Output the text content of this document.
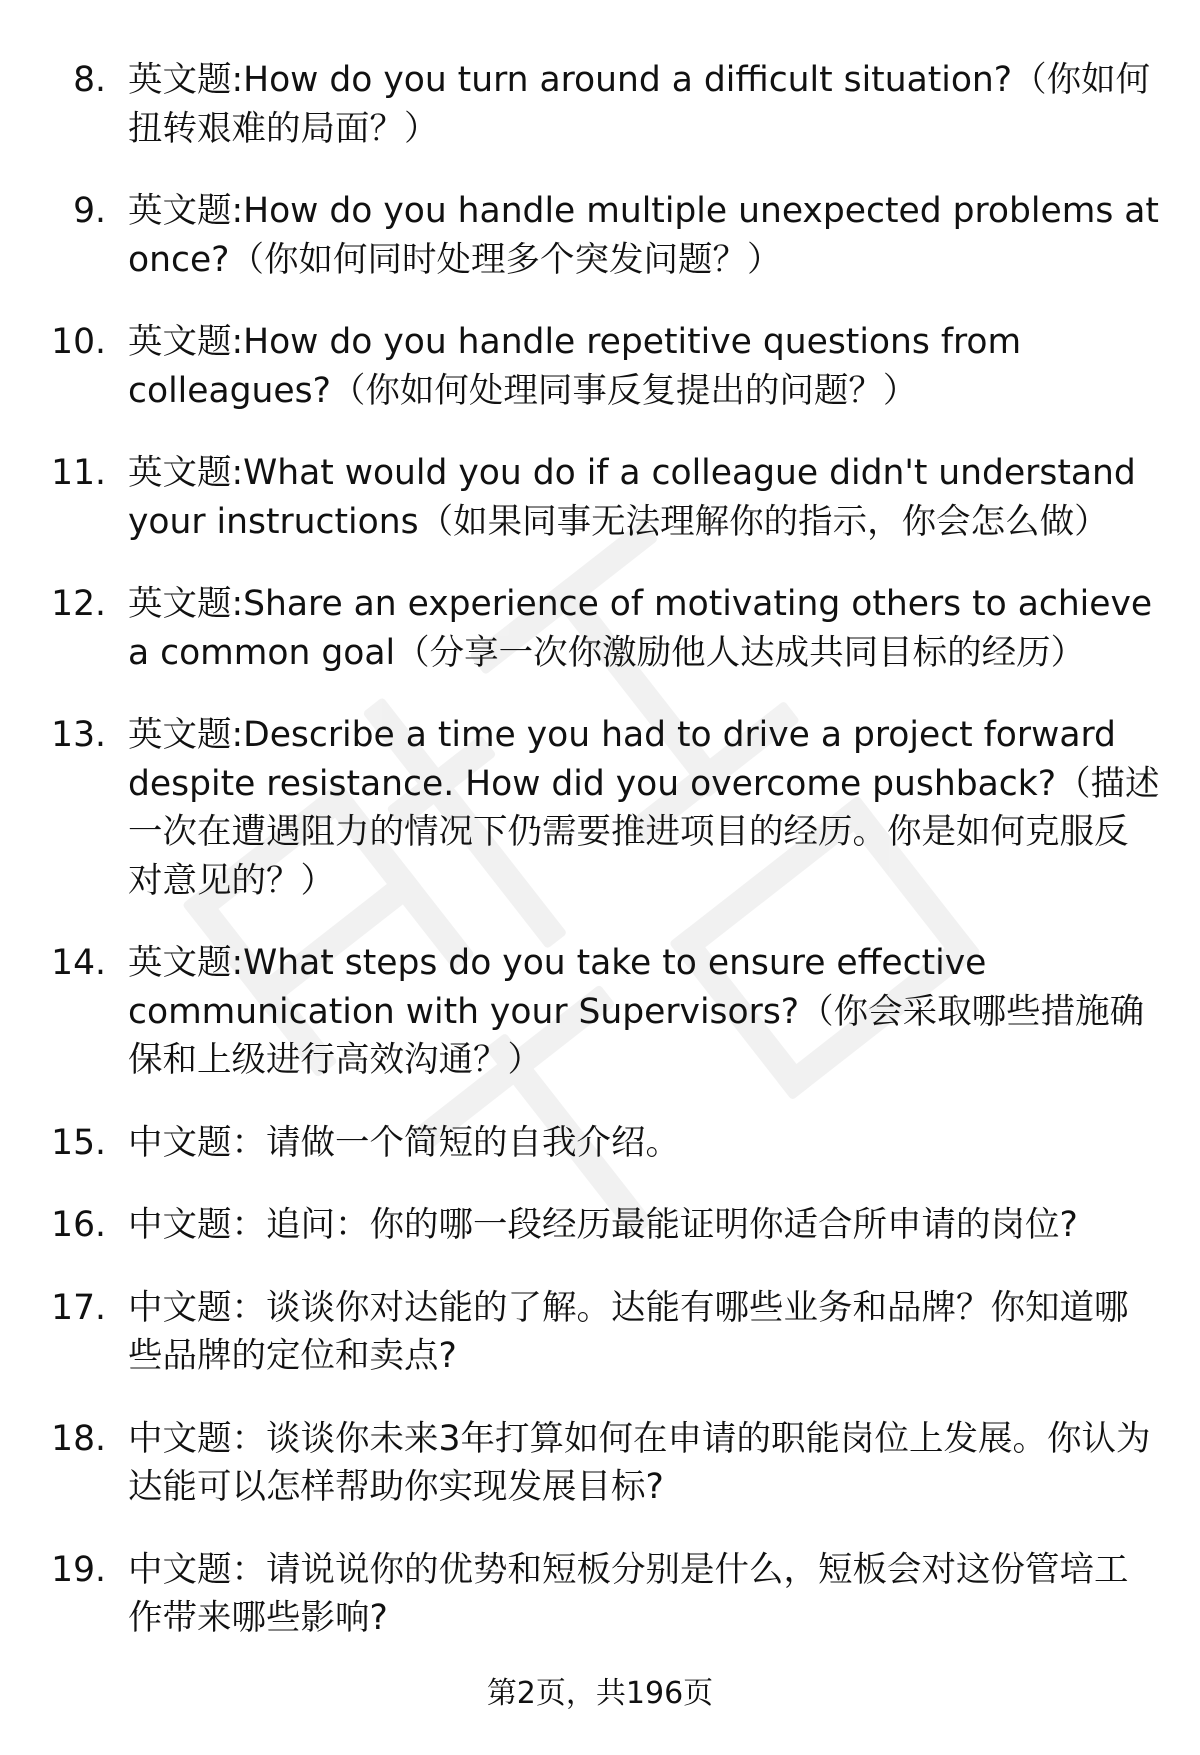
8. 英文题:How do you turn around a difficult situation?（你如何扭转艰难的局面？）
9. 英文题:How do you handle multiple unexpected problems at once?（你如何同时处理多个突发问题？）
10. 英文题:How do you handle repetitive questions from colleagues?（你如何处理同事反复提出的问题？）
11. 英文题:What would you do if a colleague didn't understand your instructions（如果同事无法理解你的指示，你会怎么做）
12. 英文题:Share an experience of motivating others to achieve a common goal（分享一次你激励他人达成共同目标的经历）
13. 英文题:Describe a time you had to drive a project forward despite resistance. How did you overcome pushback?（描述一次在遭遇阻力的情况下仍需要推进项目的经历。你是如何克服反对意见的？）
14. 英文题:What steps do you take to ensure effective communication with your Supervisors?（你会采取哪些措施确保和上级进行高效沟通？）
15. 中文题：请做一个简短的自我介绍。
16. 中文题：追问：你的哪一段经历最能证明你适合所申请的岗位?
17. 中文题：谈谈你对达能的了解。达能有哪些业务和品牌？你知道哪些品牌的定位和卖点?
18. 中文题：谈谈你未来3年打算如何在申请的职能岗位上发展。你认为达能可以怎样帮助你实现发展目标?
19. 中文题：请说说你的优势和短板分别是什么，短板会对这份管培工作带来哪些影响?
第2页，共196页
